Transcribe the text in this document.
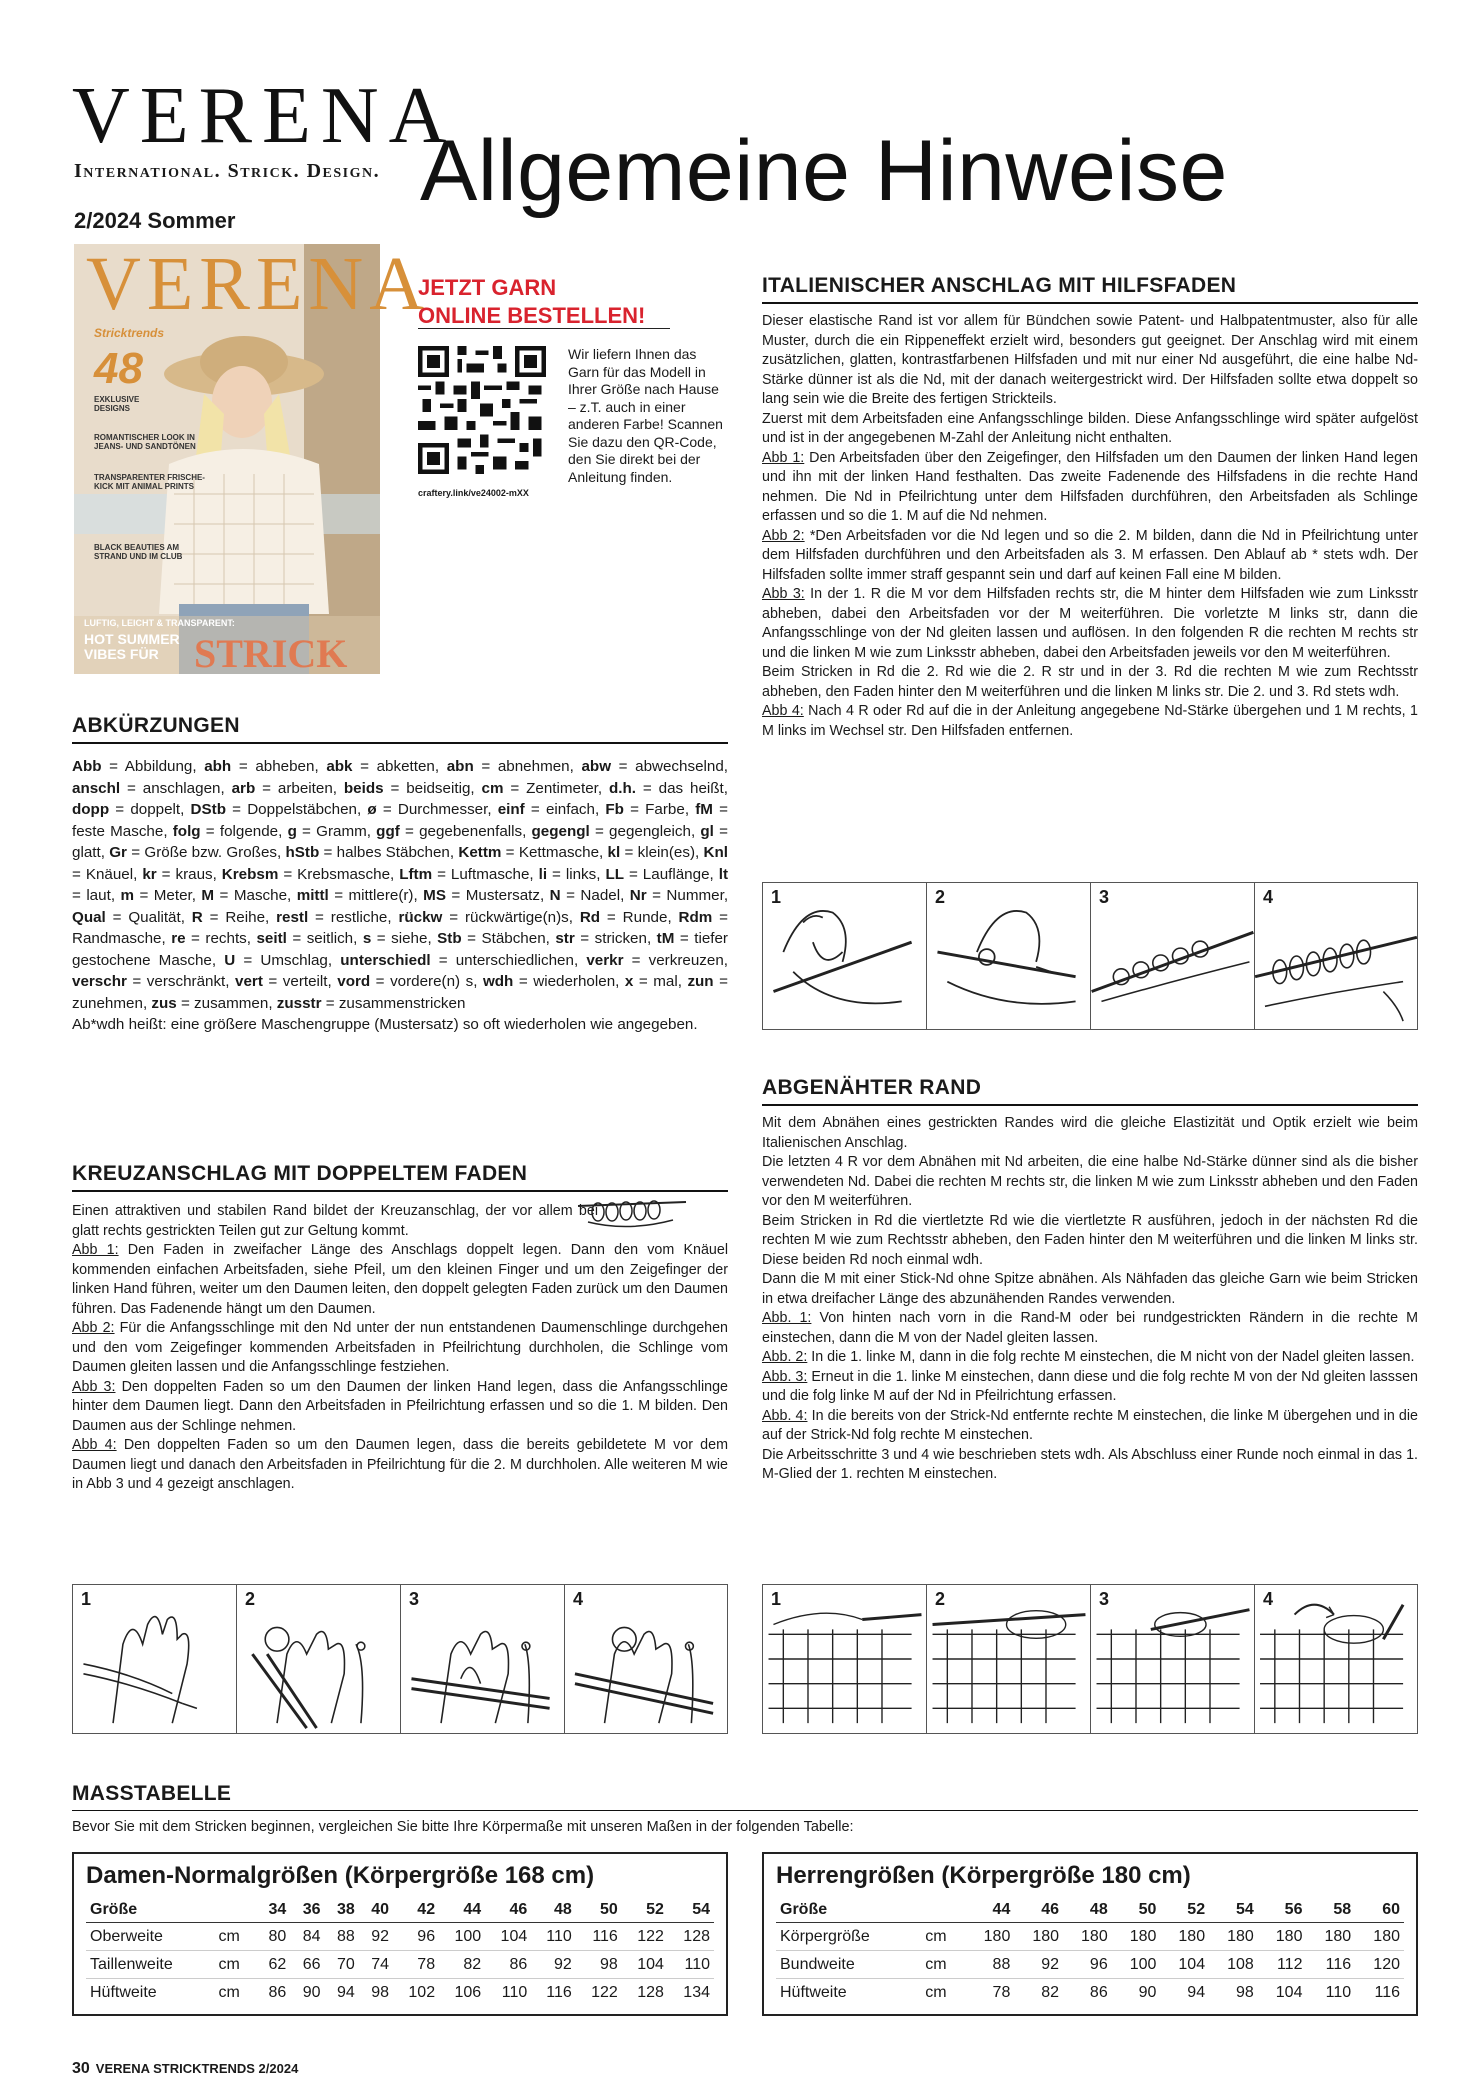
VERENA
International. Strick. Design.
2/2024 Sommer
Allgemeine Hinweise
VERENA
Stricktrends
48
EXKLUSIVE DESIGNS
ROMANTISCHER LOOK IN JEANS- UND SANDTÖNEN
TRANSPARENTER FRISCHE-KICK MIT ANIMAL PRINTS
BLACK BEAUTIES AM STRAND UND IM CLUB
LUFTIG, LEICHT & TRANSPARENT:
HOT SUMMER VIBES FÜR STRICK
JETZT GARN
ONLINE BESTELLEN!
craftery.link/ve24002-mXX
Wir liefern Ihnen das Garn für das Modell in Ihrer Größe nach Hause – z.T. auch in einer anderen Farbe! Scannen Sie dazu den QR-Code, den Sie direkt bei der Anleitung finden.
ABKÜRZUNGEN
Abb = Abbildung, abh = abheben, abk = abketten, abn = abnehmen, abw = abwechselnd, anschl = anschlagen, arb = arbeiten, beids = beidseitig, cm = Zentimeter, d.h. = das heißt, dopp = doppelt, DStb = Doppelstäbchen, ø = Durchmesser, einf = einfach, Fb = Farbe, fM = feste Masche, folg = folgende, g = Gramm, ggf = gegebenenfalls, gegengl = gegengleich, gl = glatt, Gr = Größe bzw. Großes, hStb = halbes Stäbchen, Kettm = Kettmasche, kl = klein(es), Knl = Knäuel, kr = kraus, Krebsm = Krebsmasche, Lftm = Luftmasche, li = links, LL = Lauflänge, lt = laut, m = Meter, M = Masche, mittl = mittlere(r), MS = Mustersatz, N = Nadel, Nr = Nummer, Qual = Qualität, R = Reihe, restl = restliche, rückw = rückwärtige(n)s, Rd = Runde, Rdm = Randmasche, re = rechts, seitl = seitlich, s = siehe, Stb = Stäbchen, str = stricken, tM = tiefer gestochene Masche, U = Umschlag, unterschiedl = unterschiedlichen, verkr = verkreuzen, verschr = verschränkt, vert = verteilt, vord = vordere(n) s, wdh = wiederholen, x = mal, zun = zunehmen, zus = zusammen, zusstr = zusammenstricken
Ab*wdh heißt: eine größere Maschengruppe (Mustersatz) so oft wiederholen wie angegeben.
KREUZANSCHLAG MIT DOPPELTEM FADEN

Einen attraktiven und stabilen Rand bildet der Kreuzanschlag, der vor allem bei glatt rechts gestrickten Teilen gut zur Geltung kommt.

Abb 1: Den Faden in zweifacher Länge des Anschlags doppelt legen. Dann den vom Knäuel kommenden einfachen Arbeitsfaden, siehe Pfeil, um den kleinen Finger und um den Zeigefinger der linken Hand führen, weiter um den Daumen leiten, den doppelt gelegten Faden zurück um den Daumen führen. Das Fadenende hängt um den Daumen.

Abb 2: Für die Anfangsschlinge mit den Nd unter der nun entstandenen Daumenschlinge durchgehen und den vom Zeigefinger kommenden Arbeitsfaden in Pfeilrichtung durchholen, die Schlinge vom Daumen gleiten lassen und die Anfangsschlinge festziehen.

Abb 3: Den doppelten Faden so um den Daumen der linken Hand legen, dass die Anfangsschlinge hinter dem Daumen liegt. Dann den Arbeitsfaden in Pfeilrichtung erfassen und so die 1. M bilden. Den Daumen aus der Schlinge nehmen.

Abb 4: Den doppelten Faden so um den Daumen legen, dass die bereits gebildetete M vor dem Daumen liegt und danach den Arbeitsfaden in Pfeilrichtung für die 2. M durchholen. Alle weiteren M wie in Abb 3 und 4 gezeigt anschlagen.

ITALIENISCHER ANSCHLAG MIT HILFSFADEN

Dieser elastische Rand ist vor allem für Bündchen sowie Patent- und Halbpatentmuster, also für alle Muster, durch die ein Rippeneffekt erzielt wird, besonders gut geeignet. Der Anschlag wird mit einem zusätzlichen, glatten, kontrastfarbenen Hilfsfaden und mit nur einer Nd ausgeführt, die eine halbe Nd-Stärke dünner ist als die Nd, mit der danach weitergestrickt wird. Der Hilfsfaden sollte etwa doppelt so lang sein wie die Breite des fertigen Strickteils.

Zuerst mit dem Arbeitsfaden eine Anfangsschlinge bilden. Diese Anfangsschlinge wird später aufgelöst und ist in der angegebenen M-Zahl der Anleitung nicht enthalten.

Abb 1: Den Arbeitsfaden über den Zeigefinger, den Hilfsfaden um den Daumen der linken Hand legen und ihn mit der linken Hand festhalten. Das zweite Fadenende des Hilfsfadens in die rechte Hand nehmen. Die Nd in Pfeilrichtung unter dem Hilfsfaden durchführen, den Arbeitsfaden als Schlinge erfassen und so die 1. M auf die Nd nehmen.

Abb 2: *Den Arbeitsfaden vor die Nd legen und so die 2. M bilden, dann die Nd in Pfeilrichtung unter dem Hilfsfaden durchführen und den Arbeitsfaden als 3. M erfassen. Den Ablauf ab * stets wdh. Der Hilfsfaden sollte immer straff gespannt sein und darf auf keinen Fall eine M bilden.

Abb 3: In der 1. R die M vor dem Hilfsfaden rechts str, die M hinter dem Hilfsfaden wie zum Linksstr abheben, dabei den Arbeitsfaden vor der M weiterführen. Die vorletzte M links str, dann die Anfangsschlinge von der Nd gleiten lassen und auflösen. In den folgenden R die rechten M rechts str und die linken M wie zum Linksstr abheben, dabei den Arbeitsfaden jeweils vor den M weiterführen.

Beim Stricken in Rd die 2. Rd wie die 2. R str und in der 3. Rd die rechten M wie zum Rechtsstr abheben, den Faden hinter den M weiterführen und die linken M links str. Die 2. und 3. Rd stets wdh.

Abb 4: Nach 4 R oder Rd auf die in der Anleitung angegebene Nd-Stärke übergehen und 1 M rechts, 1 M links im Wechsel str. Den Hilfsfaden entfernen.

1	2	3	4
ABGENÄHTER RAND

Mit dem Abnähen eines gestrickten Randes wird die gleiche Elastizität und Optik erzielt wie beim Italienischen Anschlag.

Die letzten 4 R vor dem Abnähen mit Nd arbeiten, die eine halbe Nd-Stärke dünner sind als die bisher verwendeten Nd. Dabei die rechten M rechts str, die linken M wie zum Linksstr abheben und den Faden vor den M weiterführen.

Beim Stricken in Rd die viertletzte Rd wie die viertletzte R ausführen, jedoch in der nächsten Rd die rechten M wie zum Rechtsstr abheben, den Faden hinter den M weiterführen und die linken M links str. Diese beiden Rd noch einmal wdh.

Dann die M mit einer Stick-Nd ohne Spitze abnähen. Als Nähfaden das gleiche Garn wie beim Stricken in etwa dreifacher Länge des abzunähenden Randes verwenden.

Abb. 1: Von hinten nach vorn in die Rand-M oder bei rundgestrickten Rändern in die rechte M einstechen, dann die M von der Nadel gleiten lassen.

Abb. 2: In die 1. linke M, dann in die folg rechte M einstechen, die M nicht von der Nadel gleiten lassen.

Abb. 3: Erneut in die 1. linke M einstechen, dann diese und die folg rechte M von der Nd gleiten lasssen und die folg linke M auf der Nd in Pfeilrichtung erfassen.

Abb. 4: In die bereits von der Strick-Nd entfernte rechte M einstechen, die linke M übergehen und in die auf der Strick-Nd folg rechte M einstechen.

Die Arbeitsschritte 3 und 4 wie beschrieben stets wdh. Als Abschluss einer Runde noch einmal in das 1. M-Glied der 1. rechten M einstechen.

1	2	3	4	1	2	3	4
MASSTABELLE
Bevor Sie mit dem Stricken beginnen, vergleichen Sie bitte Ihre Körpermaße mit unseren Maßen in der folgenden Tabelle:
Damen-Normalgrößen (Körpergröße 168 cm)
Größe		34	36	38	40	42	44	46	48	50	52	54
Oberweite	cm	80	84	88	92	96	100	104	110	116	122	128
Taillenweite	cm	62	66	70	74	78	82	86	92	98	104	110
Hüftweite	cm	86	90	94	98	102	106	110	116	122	128	134
Herrengrößen (Körpergröße 180 cm)
Größe		44	46	48	50	52	54	56	58	60
Körpergröße	cm	180	180	180	180	180	180	180	180	180
Bundweite	cm	88	92	96	100	104	108	112	116	120
Hüftweite	cm	78	82	86	90	94	98	104	110	116
30 VERENA STRICKTRENDS 2/2024
